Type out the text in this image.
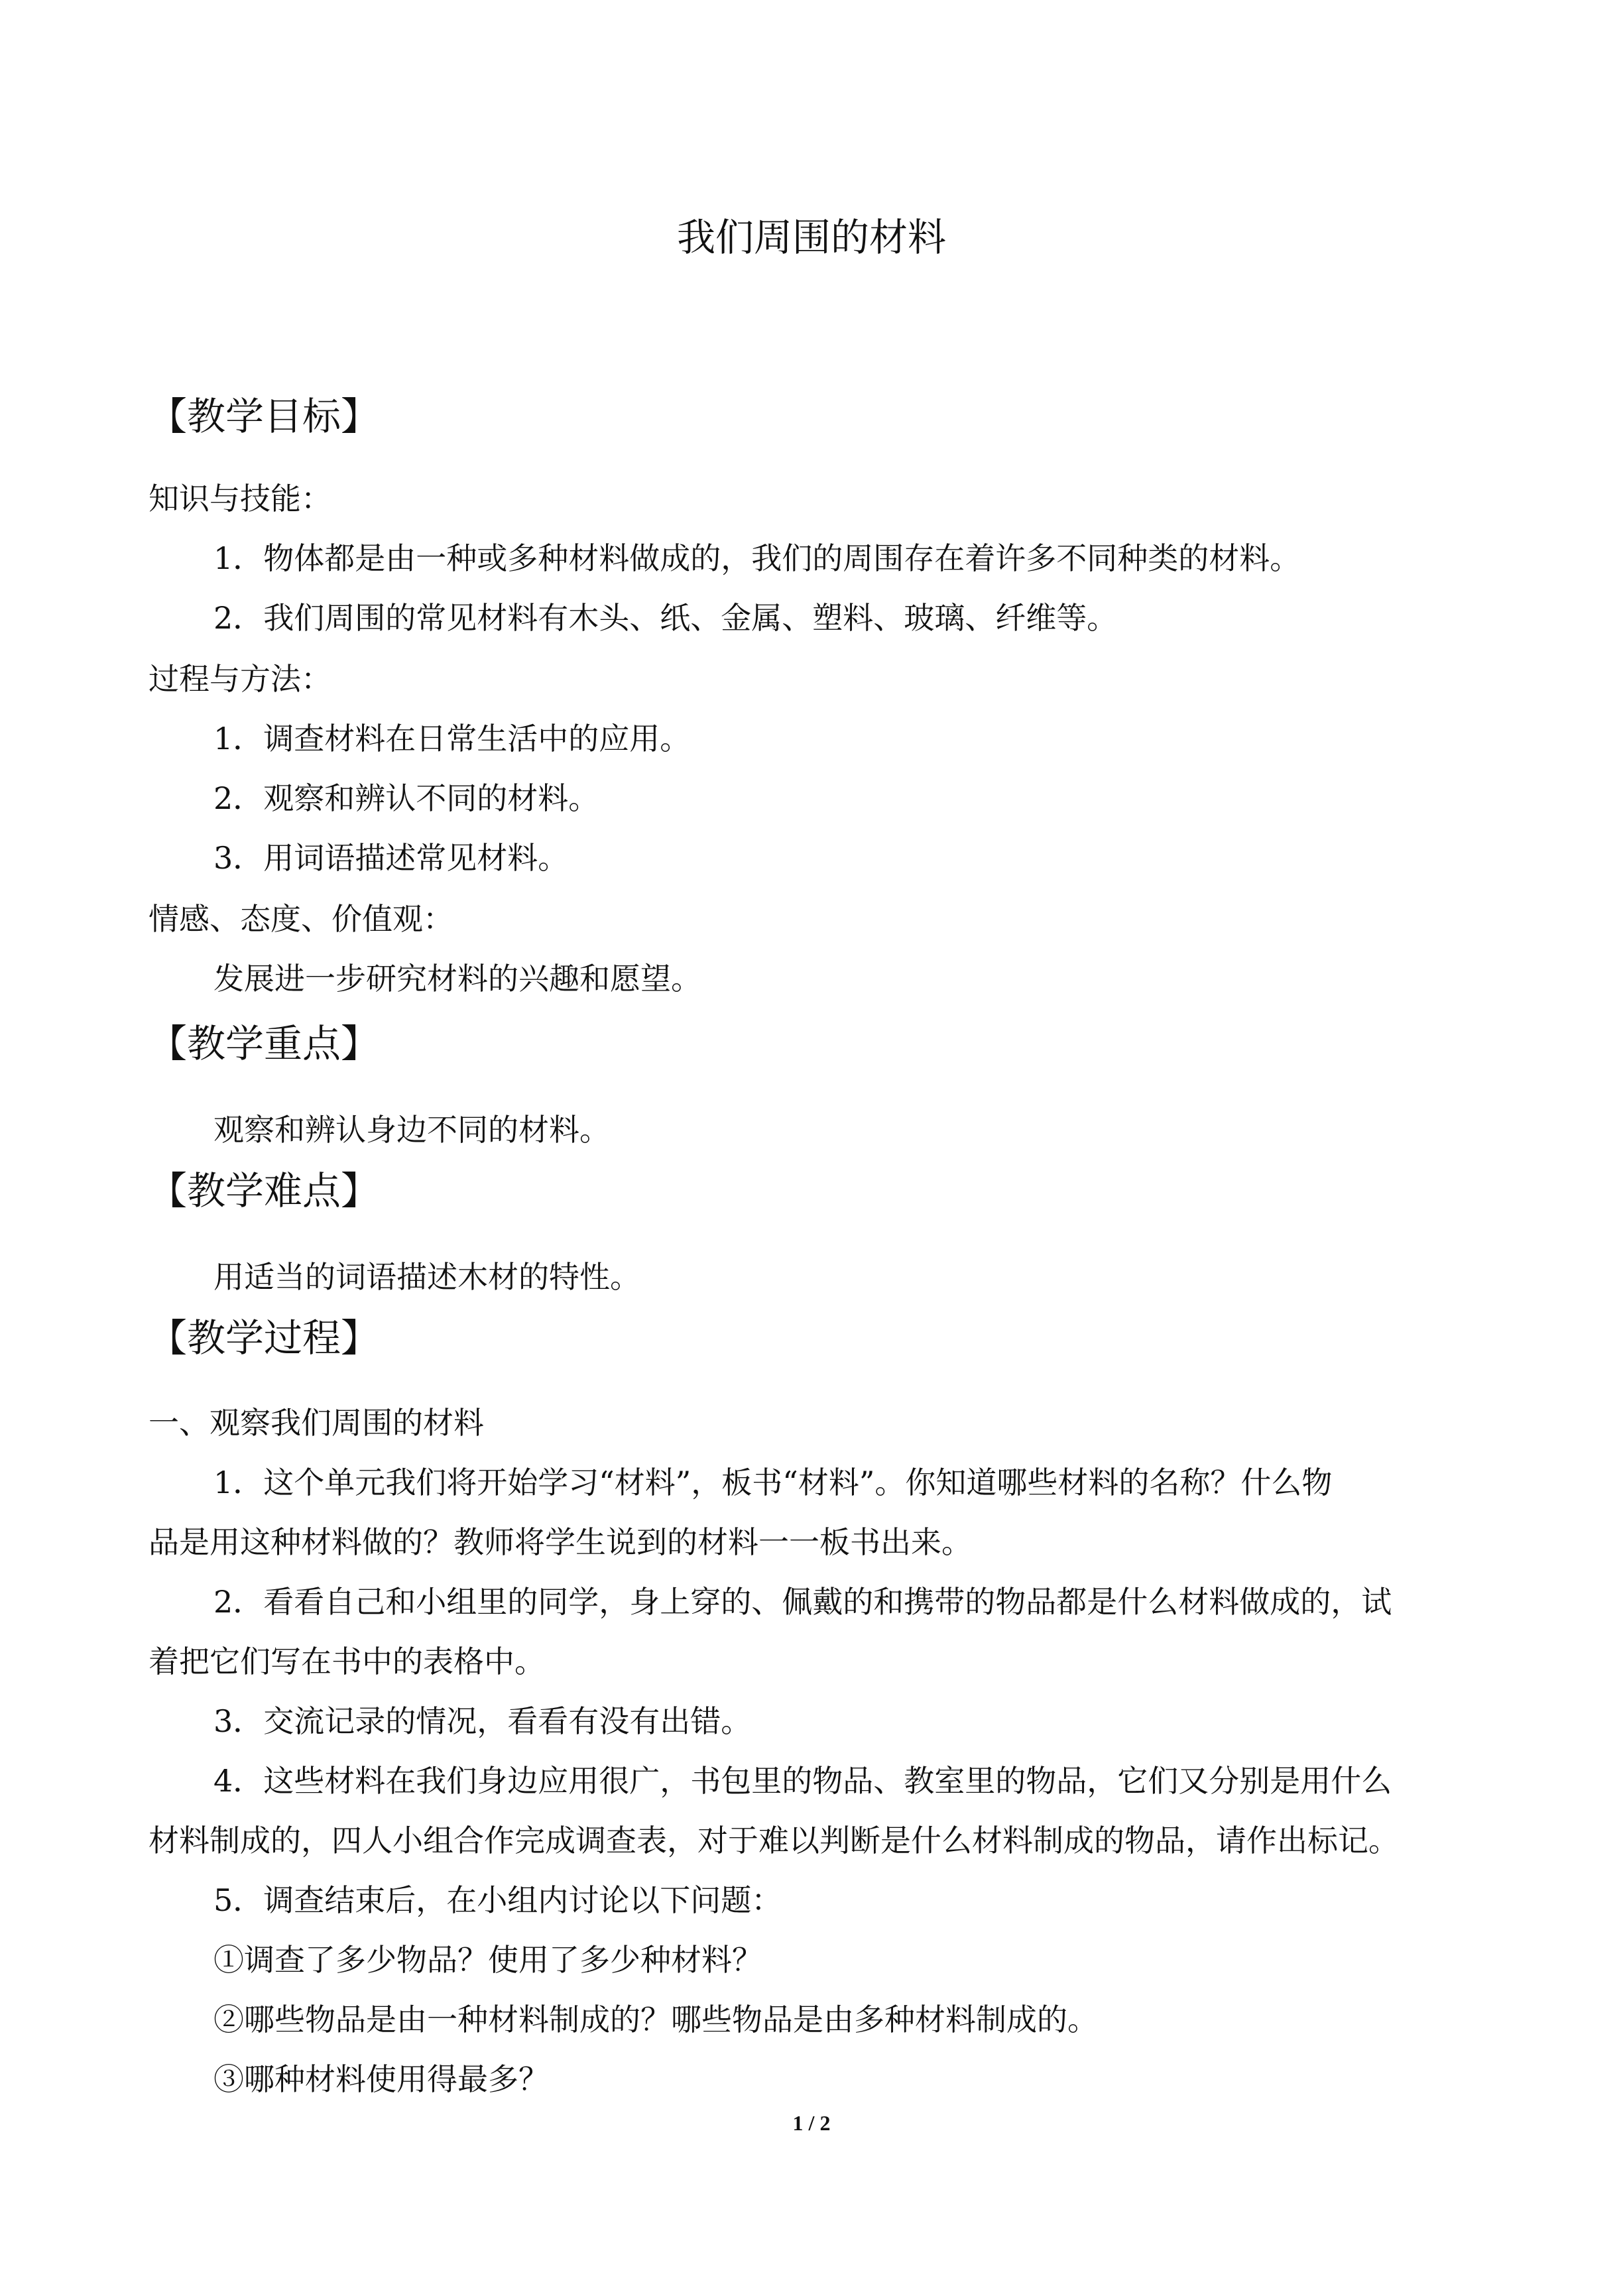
我们周围的材料
【教学目标】
知识与技能：
1．物体都是由一种或多种材料做成的，我们的周围存在着许多不同种类的材料。
2．我们周围的常见材料有木头、纸、金属、塑料、玻璃、纤维等。
过程与方法：
1．调查材料在日常生活中的应用。
2．观察和辨认不同的材料。
3．用词语描述常见材料。
情感、态度、价值观：
发展进一步研究材料的兴趣和愿望。
【教学重点】
观察和辨认身边不同的材料。
【教学难点】
用适当的词语描述木材的特性。
【教学过程】
一、观察我们周围的材料
1．这个单元我们将开始学习“材料”，板书“材料”。你知道哪些材料的名称？什么物
品是用这种材料做的？教师将学生说到的材料一一板书出来。
2．看看自己和小组里的同学，身上穿的、佩戴的和携带的物品都是什么材料做成的，试
着把它们写在书中的表格中。
3．交流记录的情况，看看有没有出错。
4．这些材料在我们身边应用很广，书包里的物品、教室里的物品，它们又分别是用什么
材料制成的，四人小组合作完成调查表，对于难以判断是什么材料制成的物品，请作出标记。
5．调查结束后，在小组内讨论以下问题：
①调查了多少物品？使用了多少种材料？
②哪些物品是由一种材料制成的？哪些物品是由多种材料制成的。
③哪种材料使用得最多？
1 / 2
